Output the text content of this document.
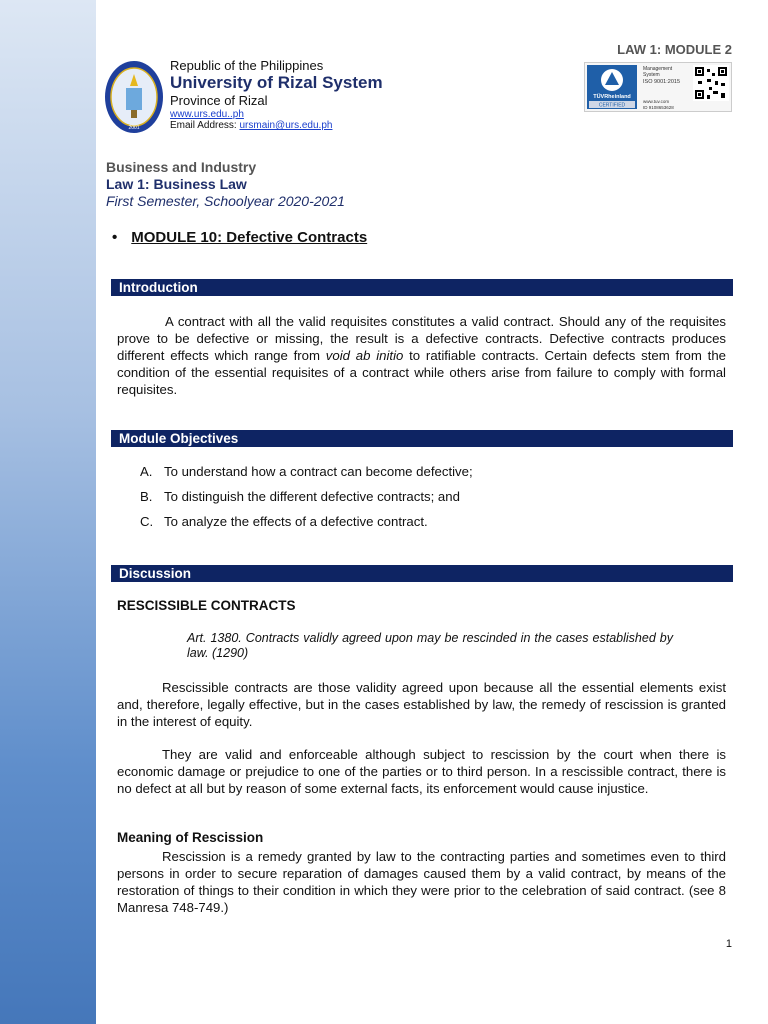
2001
Republic of the Philippines
University of Rizal System
Province of Rizal
www.urs.edu..ph
Email Address: ursmain@urs.edu.ph
LAW 1: MODULE 2
TÜVRheinland
CERTIFIED
Management
System
ISO 9001:2015
www.tuv.com
ID 9108653628
Business and Industry
Law 1: Business Law
First Semester, Schoolyear 2020-2021
• MODULE 10: Defective Contracts
Introduction

A contract with all the valid requisites constitutes a valid contract. Should any of the requisites prove to be defective or missing, the result is a defective contracts. Defective contracts produces different effects which range from void ab initio to ratifiable contracts. Certain defects stem from the condition of the essential requisites of a contract while others arise from failure to comply with formal requisites.

Module Objectives
A. To understand how a contract can become defective;
B. To distinguish the different defective contracts; and
C. To analyze the effects of a defective contract.
Discussion
RESCISSIBLE CONTRACTS
Art. 1380. Contracts validly agreed upon may be rescinded in the cases established by law. (1290)

Rescissible contracts are those validity agreed upon because all the essential elements exist and, therefore, legally effective, but in the cases established by law, the remedy of rescission is granted in the interest of equity.

They are valid and enforceable although subject to rescission by the court when there is economic damage or prejudice to one of the parties or to third person. In a rescissible contract, there is no defect at all but by reason of some external facts, its enforcement would cause injustice.

Meaning of Rescission

Rescission is a remedy granted by law to the contracting parties and sometimes even to third persons in order to secure reparation of damages caused them by a valid contract, by means of the restoration of things to their condition in which they were prior to the celebration of said contract. (see 8 Manresa 748-749.)

1
